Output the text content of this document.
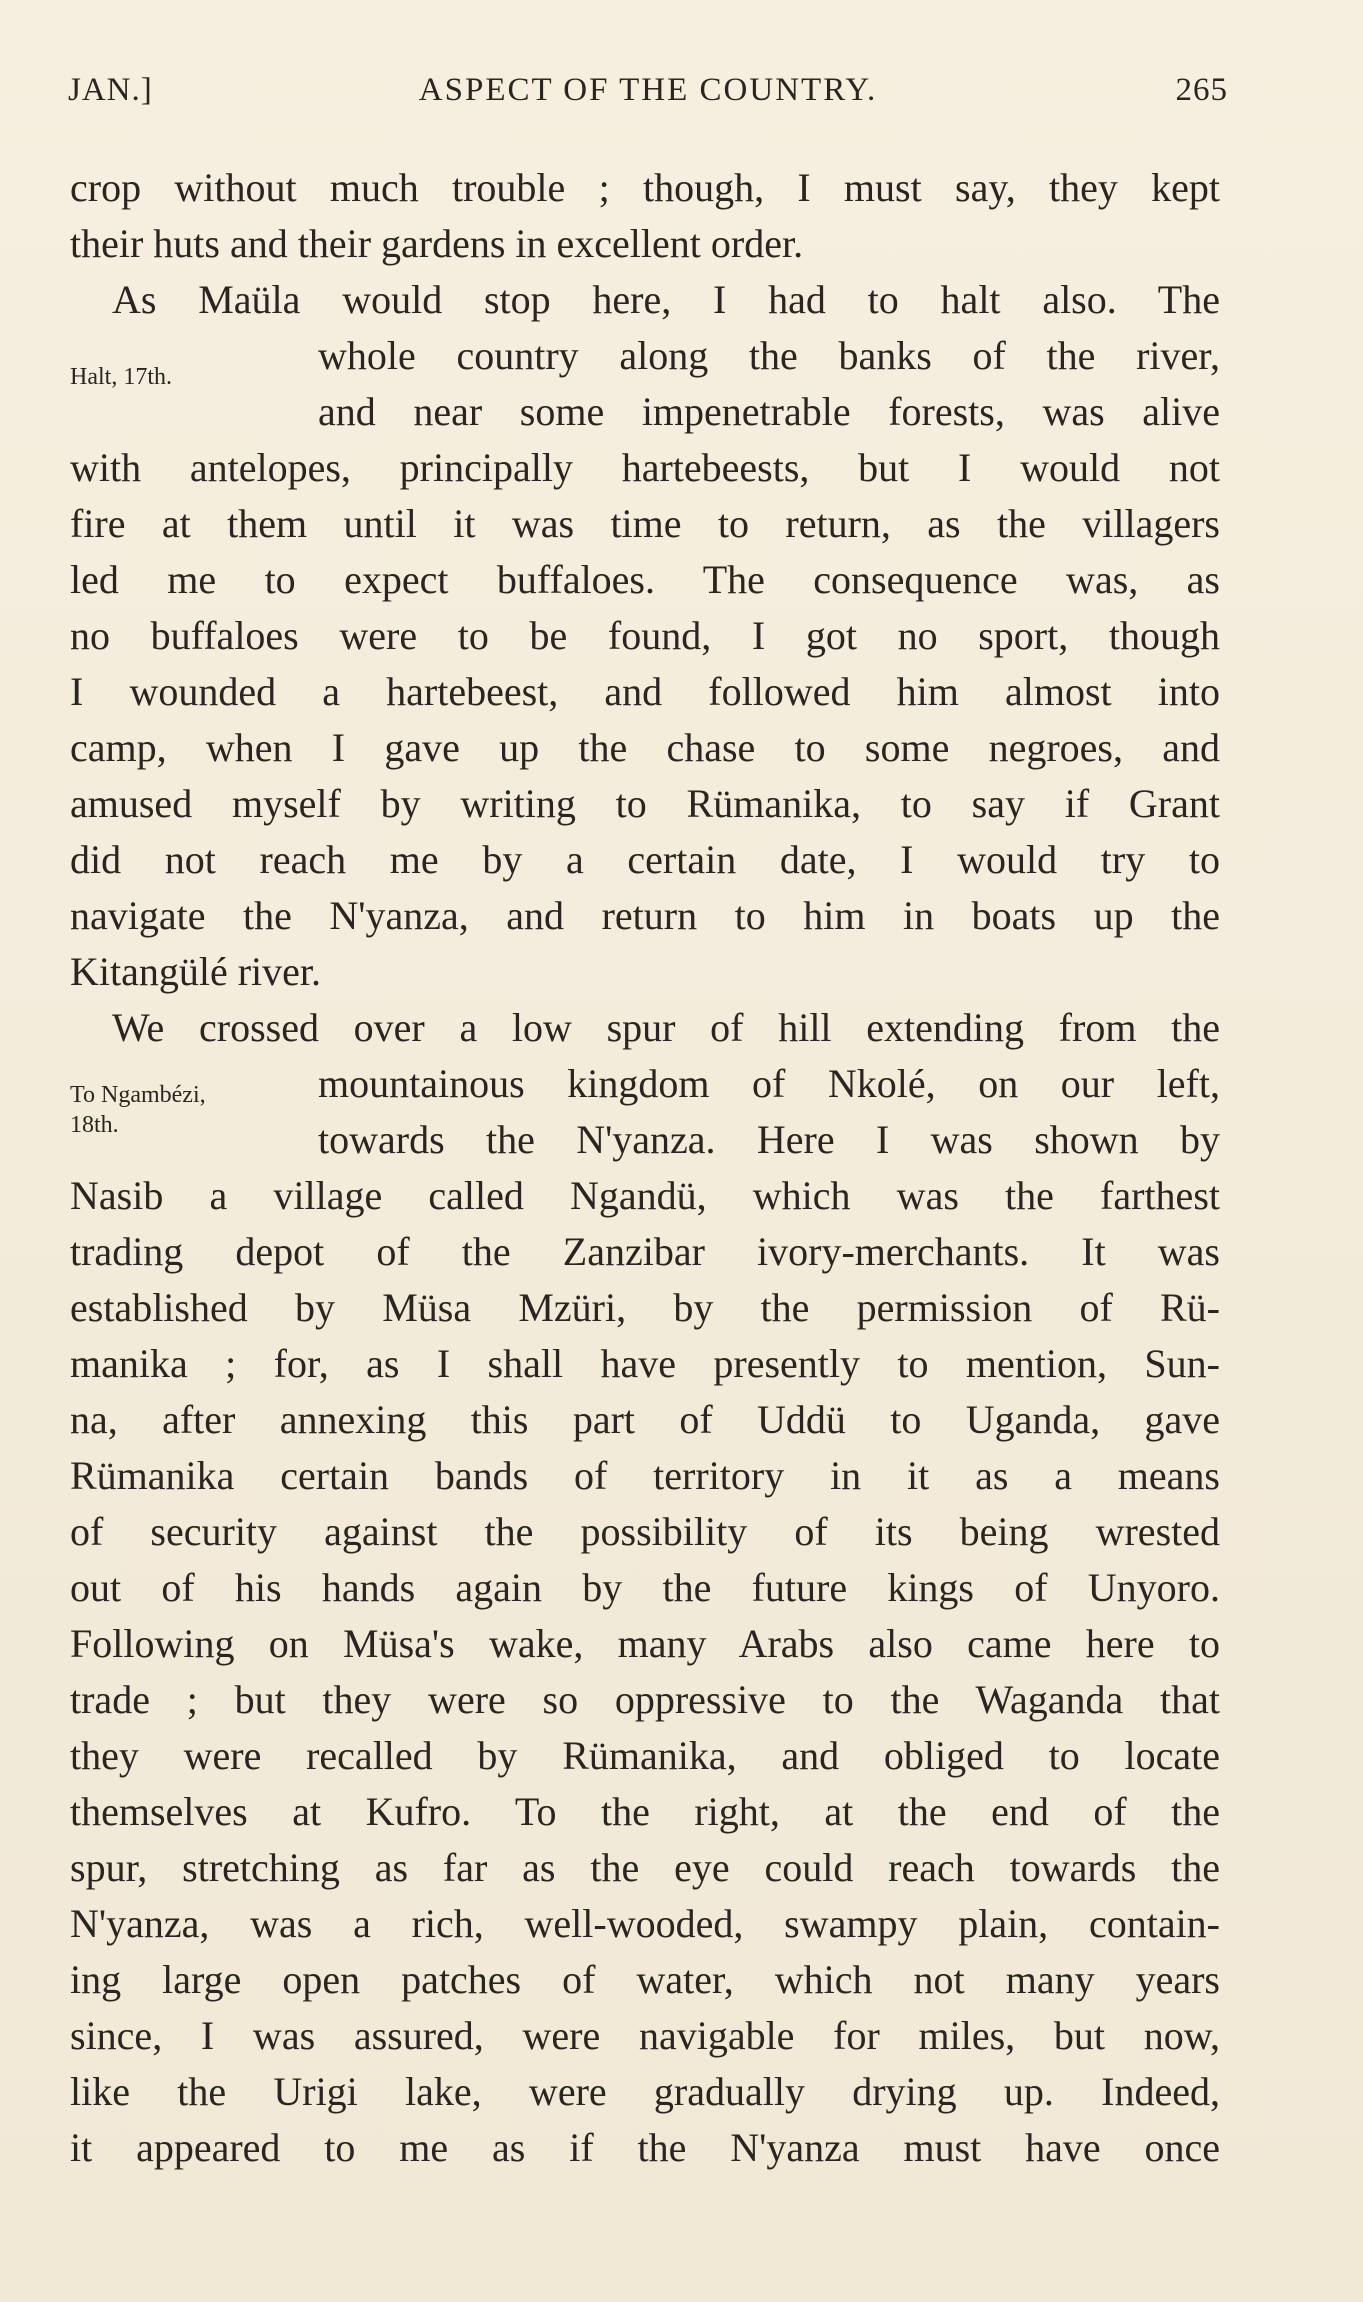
JAN.]	ASPECT OF THE COUNTRY.	265
crop without much trouble ; though, I must say, they kept
their huts and their gardens in excellent order.
As Maüla would stop here, I had to halt also. The
Halt, 17th.	whole country along the banks of the river,
and near some impenetrable forests, was alive
with antelopes, principally hartebeests, but I would not
fire at them until it was time to return, as the villagers
led me to expect buffaloes. The consequence was, as
no buffaloes were to be found, I got no sport, though
I wounded a hartebeest, and followed him almost into
camp, when I gave up the chase to some negroes, and
amused myself by writing to Rümanika, to say if Grant
did not reach me by a certain date, I would try to
navigate the N'yanza, and return to him in boats up the
Kitangülé river.
We crossed over a low spur of hill extending from the
To Ngambézi,
18th.
mountainous kingdom of Nkolé, on our left,
towards the N'yanza. Here I was shown by
Nasib a village called Ngandü, which was the farthest
trading depot of the Zanzibar ivory-merchants. It was
established by Müsa Mzüri, by the permission of Rü-
manika ; for, as I shall have presently to mention, Sun-
na, after annexing this part of Uddü to Uganda, gave
Rümanika certain bands of territory in it as a means
of security against the possibility of its being wrested
out of his hands again by the future kings of Unyoro.
Following on Müsa's wake, many Arabs also came here to
trade ; but they were so oppressive to the Waganda that
they were recalled by Rümanika, and obliged to locate
themselves at Kufro. To the right, at the end of the
spur, stretching as far as the eye could reach towards the
N'yanza, was a rich, well-wooded, swampy plain, contain-
ing large open patches of water, which not many years
since, I was assured, were navigable for miles, but now,
like the Urigi lake, were gradually drying up. Indeed,
it appeared to me as if the N'yanza must have once
